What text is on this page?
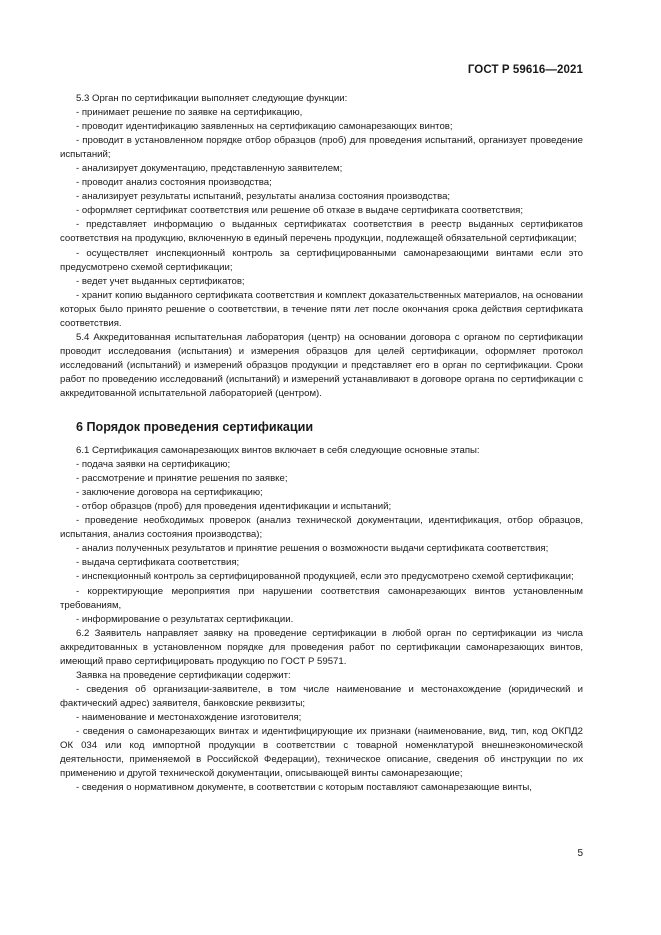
ГОСТ Р 59616—2021

5.3 Орган по сертификации выполняет следующие функции:

- принимает решение по заявке на сертификацию,

- проводит идентификацию заявленных на сертификацию самонарезающих винтов;

- проводит в установленном порядке отбор образцов (проб) для проведения испытаний, организует проведение испытаний;

- анализирует документацию, представленную заявителем;

- проводит анализ состояния производства;

- анализирует результаты испытаний, результаты анализа состояния производства;

- оформляет сертификат соответствия или решение об отказе в выдаче сертификата соответствия;

- представляет информацию о выданных сертификатах соответствия в реестр выданных сертификатов соответствия на продукцию, включенную в единый перечень продукции, подлежащей обязательной сертификации;

- осуществляет инспекционный контроль за сертифицированными самонарезающими винтами если это предусмотрено схемой сертификации;

- ведет учет выданных сертификатов;

- хранит копию выданного сертификата соответствия и комплект доказательственных материалов, на основании которых было принято решение о соответствии, в течение пяти лет после окончания срока действия сертификата соответствия.

5.4 Аккредитованная испытательная лаборатория (центр) на основании договора с органом по сертификации проводит исследования (испытания) и измерения образцов для целей сертификации, оформляет протокол исследований (испытаний) и измерений образцов продукции и представляет его в орган по сертификации. Сроки работ по проведению исследований (испытаний) и измерений устанавливают в договоре органа по сертификации с аккредитованной испытательной лабораторией (центром).

6 Порядок проведения сертификации

6.1 Сертификация самонарезающих винтов включает в себя следующие основные этапы:

- подача заявки на сертификацию;

- рассмотрение и принятие решения по заявке;

- заключение договора на сертификацию;

- отбор образцов (проб) для проведения идентификации и испытаний;

- проведение необходимых проверок (анализ технической документации, идентификация, отбор образцов, испытания, анализ состояния производства);

- анализ полученных результатов и принятие решения о возможности выдачи сертификата соответствия;

- выдача сертификата соответствия;

- инспекционный контроль за сертифицированной продукцией, если это предусмотрено схемой сертификации;

- корректирующие мероприятия при нарушении соответствия самонарезающих винтов установленным требованиям,

- информирование о результатах сертификации.

6.2 Заявитель направляет заявку на проведение сертификации в любой орган по сертификации из числа аккредитованных в установленном порядке для проведения работ по сертификации самонарезающих винтов, имеющий право сертифицировать продукцию по ГОСТ Р 59571.

Заявка на проведение сертификации содержит:

- сведения об организации-заявителе, в том числе наименование и местонахождение (юридический и фактический адрес) заявителя, банковские реквизиты;

- наименование и местонахождение изготовителя;

- сведения о самонарезающих винтах и идентифицирующие их признаки (наименование, вид, тип, код ОКПД2 ОК 034 или код импортной продукции в соответствии с товарной номенклатурой внешнеэкономической деятельности, применяемой в Российской Федерации), техническое описание, сведения об инструкции по их применению и другой технической документации, описывающей винты самонарезающие;

- сведения о нормативном документе, в соответствии с которым поставляют самонарезающие винты,

5
